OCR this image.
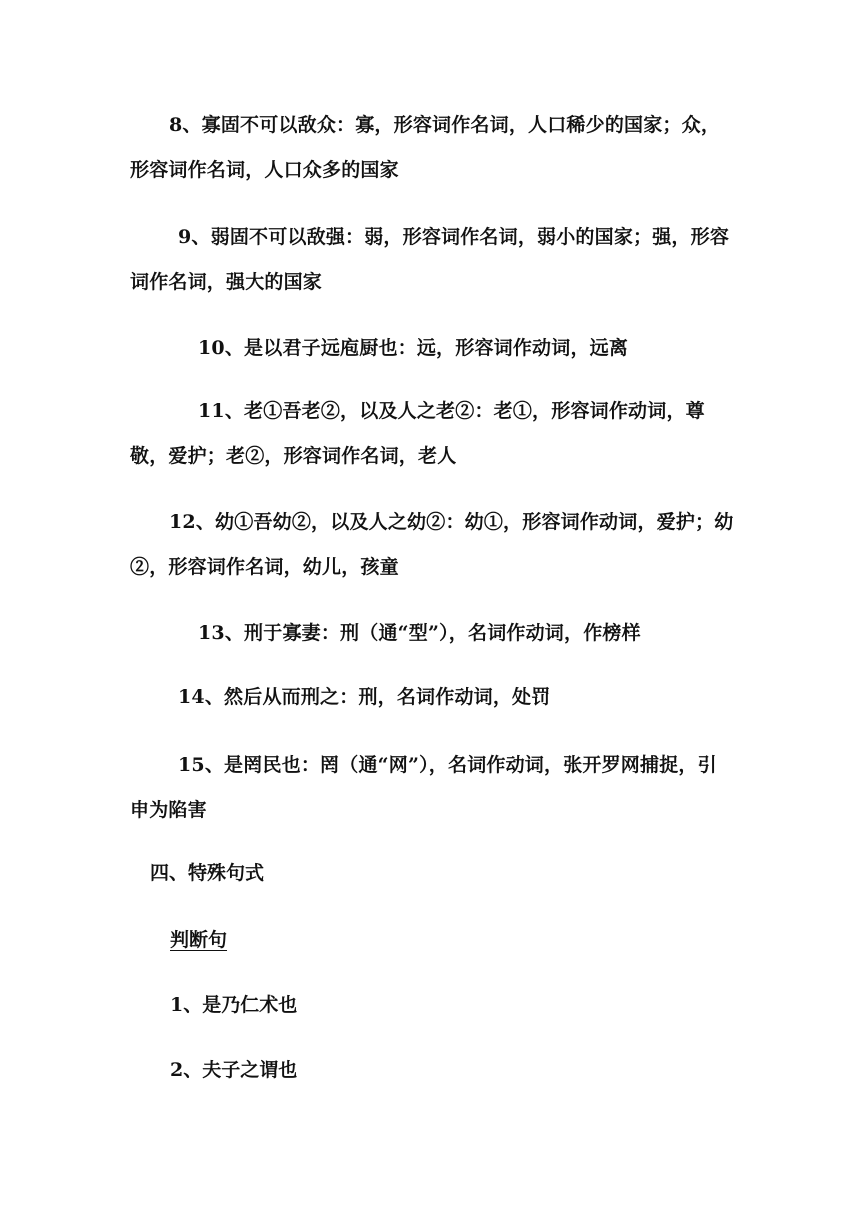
8、寡固不可以敌众：寡，形容词作名词，人口稀少的国家；众，形容词作名词，人口众多的国家
9、弱固不可以敌强：弱，形容词作名词，弱小的国家；强，形容词作名词，强大的国家
10、是以君子远庖厨也：远，形容词作动词，远离
11、老①吾老②，以及人之老②：老①，形容词作动词，尊敬，爱护；老②，形容词作名词，老人
12、幼①吾幼②，以及人之幼②：幼①，形容词作动词，爱护；幼②，形容词作名词，幼儿，孩童
13、刑于寡妻：刑（通“型”），名词作动词，作榜样
14、然后从而刑之：刑，名词作动词，处罚
15、是罔民也：罔（通“网”），名词作动词，张开罗网捕捉，引申为陷害
四、特殊句式
判断句
1、是乃仁术也
2、夫子之谓也
